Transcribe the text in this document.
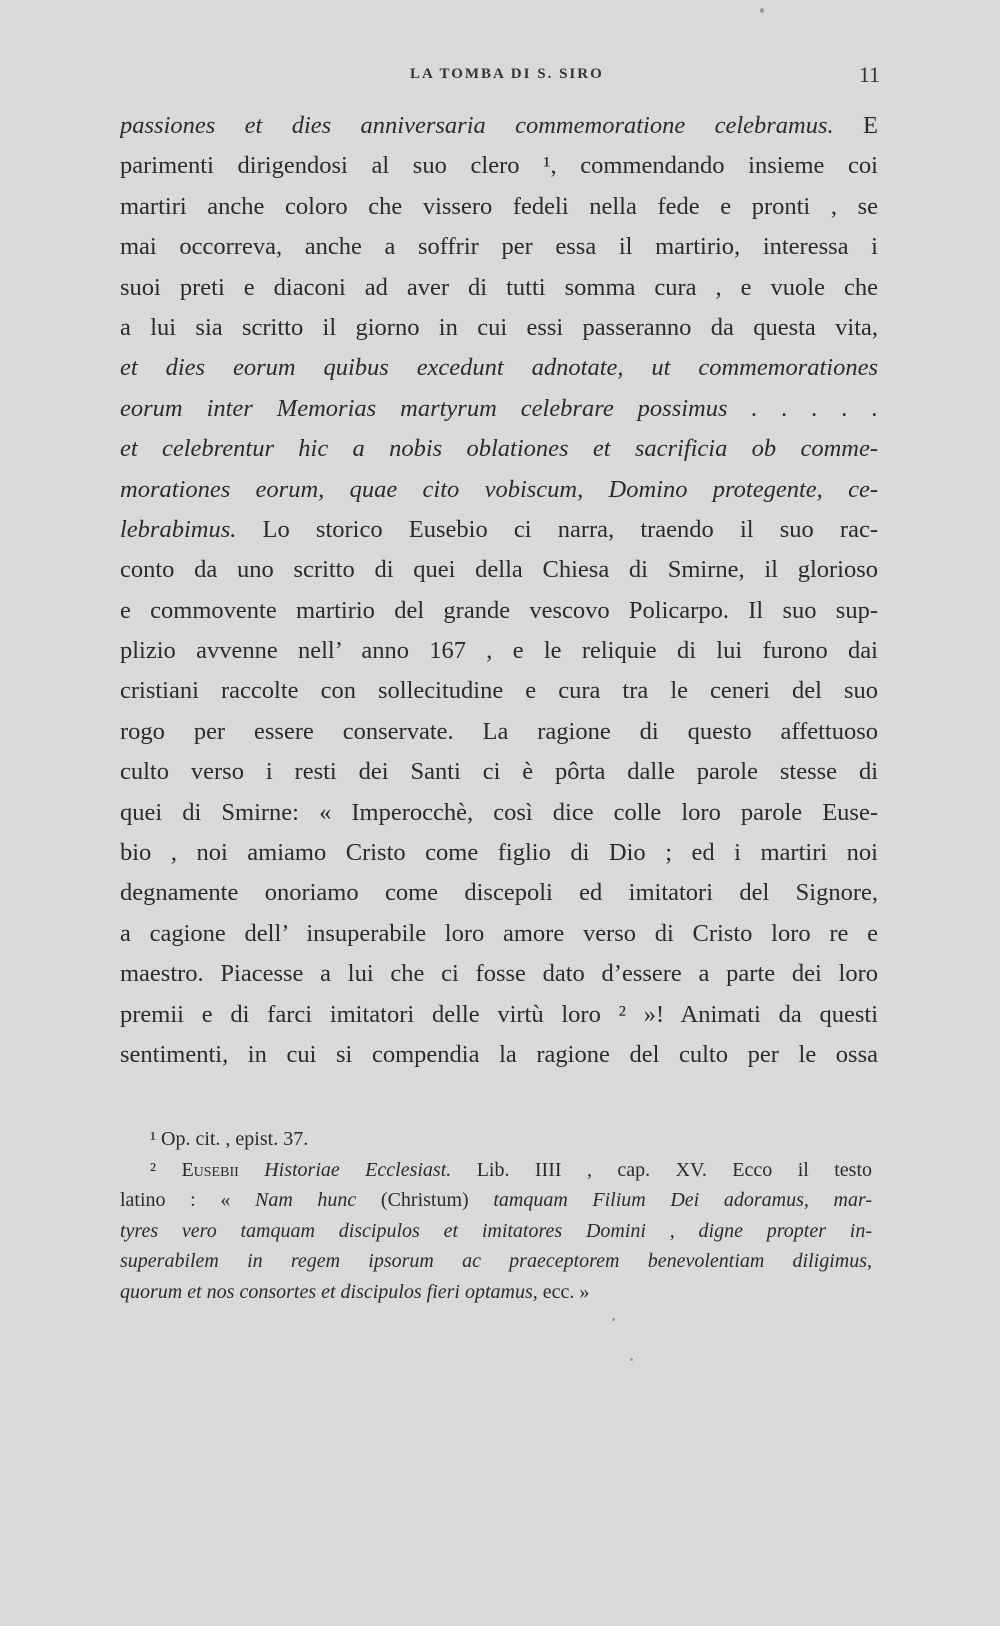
LA TOMBA DI S. SIRO	11
passiones et dies anniversaria commemoratione celebramus. E
parimenti dirigendosi al suo clero ¹, commendando insieme coi
martiri anche coloro che vissero fedeli nella fede e pronti , se
mai occorreva, anche a soffrir per essa il martirio, interessa i
suoi preti e diaconi ad aver di tutti somma cura , e vuole che
a lui sia scritto il giorno in cui essi passeranno da questa vita,
et dies eorum quibus excedunt adnotate, ut commemorationes
eorum inter Memorias martyrum celebrare possimus . . . . .
et celebrentur hic a nobis oblationes et sacrificia ob comme-
morationes eorum, quae cito vobiscum, Domino protegente, ce-
lebrabimus. Lo storico Eusebio ci narra, traendo il suo rac-
conto da uno scritto di quei della Chiesa di Smirne, il glorioso
e commovente martirio del grande vescovo Policarpo. Il suo sup-
plizio avvenne nell’ anno 167 , e le reliquie di lui furono dai
cristiani raccolte con sollecitudine e cura tra le ceneri del suo
rogo per essere conservate. La ragione di questo affettuoso
culto verso i resti dei Santi ci è pôrta dalle parole stesse di
quei di Smirne: « Imperocchè, così dice colle loro parole Euse-
bio , noi amiamo Cristo come figlio di Dio ; ed i martiri noi
degnamente onoriamo come discepoli ed imitatori del Signore,
a cagione dell’ insuperabile loro amore verso di Cristo loro re e
maestro. Piacesse a lui che ci fosse dato d’essere a parte dei loro
premii e di farci imitatori delle virtù loro ² »! Animati da questi
sentimenti, in cui si compendia la ragione del culto per le ossa
¹ Op. cit. , epist. 37.
² Eusebii Historiae Ecclesiast. Lib. IIII , cap. XV. Ecco il testo
latino : « Nam hunc (Christum) tamquam Filium Dei adoramus, mar-
tyres vero tamquam discipulos et imitatores Domini , digne propter in-
superabilem in regem ipsorum ac praeceptorem benevolentiam diligimus,
quorum et nos consortes et discipulos fieri optamus, ecc. »
